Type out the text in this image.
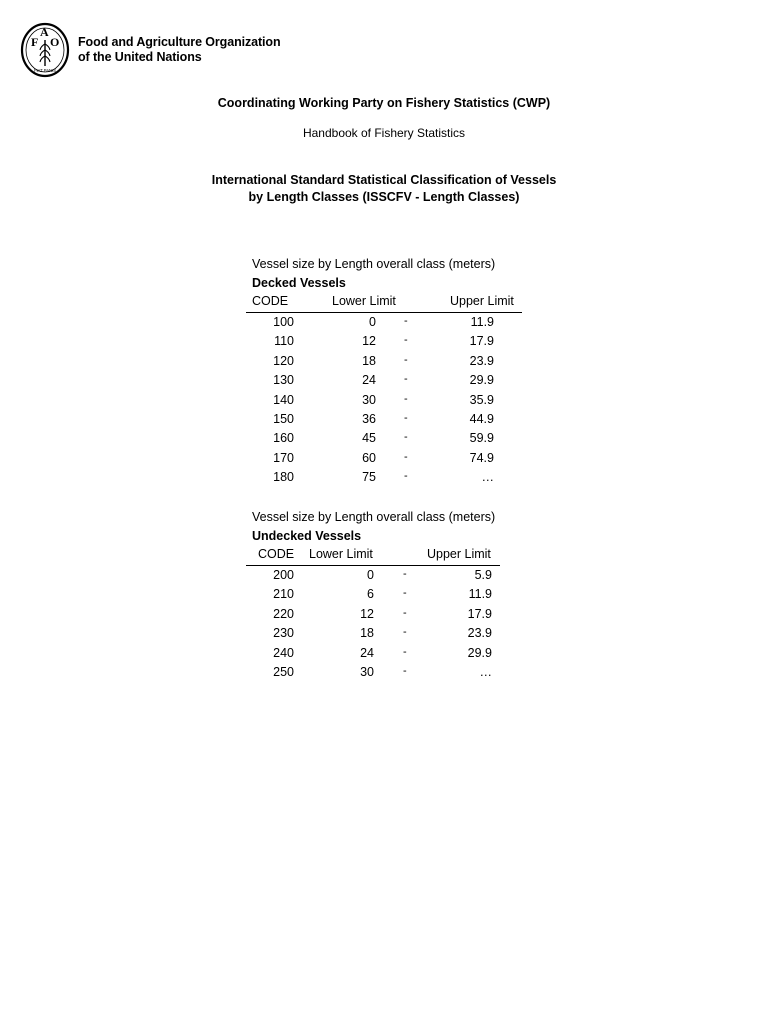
F
A
O
FIAT PANIS
Food and Agriculture Organization
of the United Nations
Coordinating Working Party on Fishery Statistics (CWP)
Handbook of Fishery Statistics
International Standard Statistical Classification of Vessels
by Length Classes (ISSCFV - Length Classes)
Vessel size by Length overall class (meters)
Decked Vessels
CODE	Lower Limit	Upper Limit
100	0	-	11.9
110	12	-	17.9
120	18	-	23.9
130	24	-	29.9
140	30	-	35.9
150	36	-	44.9
160	45	-	59.9
170	60	-	74.9
180	75	-	…
Vessel size by Length overall class (meters)
Undecked Vessels
CODE Lower Limit	Upper Limit
200	0	-	5.9
210	6	-	11.9
220	12	-	17.9
230	18	-	23.9
240	24	-	29.9
250	30	-	…
